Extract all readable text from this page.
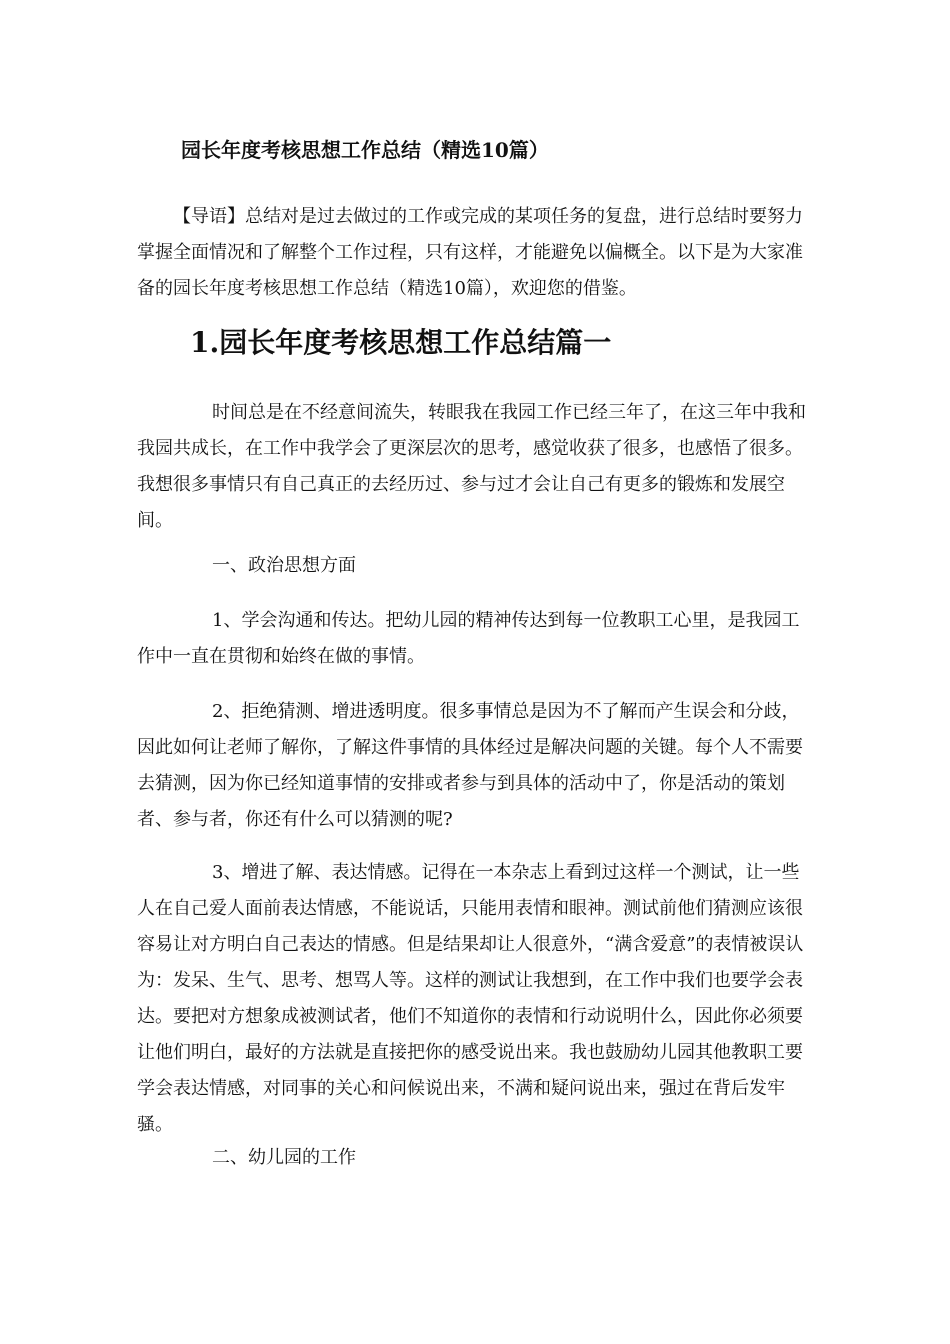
园长年度考核思想工作总结（精选10篇）

【导语】总结对是过去做过的工作或完成的某项任务的复盘，进行总结时要努力掌握全面情况和了解整个工作过程，只有这样，才能避免以偏概全。以下是为大家准备的园长年度考核思想工作总结（精选10篇），欢迎您的借鉴。

1.园长年度考核思想工作总结篇一

时间总是在不经意间流失，转眼我在我园工作已经三年了，在这三年中我和我园共成长，在工作中我学会了更深层次的思考，感觉收获了很多，也感悟了很多。我想很多事情只有自己真正的去经历过、参与过才会让自己有更多的锻炼和发展空间。

一、政治思想方面

1、学会沟通和传达。把幼儿园的精神传达到每一位教职工心里，是我园工作中一直在贯彻和始终在做的事情。

2、拒绝猜测、增进透明度。很多事情总是因为不了解而产生误会和分歧，因此如何让老师了解你，了解这件事情的具体经过是解决问题的关键。每个人不需要去猜测，因为你已经知道事情的安排或者参与到具体的活动中了，你是活动的策划者、参与者，你还有什么可以猜测的呢?

3、增进了解、表达情感。记得在一本杂志上看到过这样一个测试，让一些人在自己爱人面前表达情感，不能说话，只能用表情和眼神。测试前他们猜测应该很容易让对方明白自己表达的情感。但是结果却让人很意外，“满含爱意”的表情被误认为：发呆、生气、思考、想骂人等。这样的测试让我想到，在工作中我们也要学会表达。要把对方想象成被测试者，他们不知道你的表情和行动说明什么，因此你必须要让他们明白，最好的方法就是直接把你的感受说出来。我也鼓励幼儿园其他教职工要学会表达情感，对同事的关心和问候说出来，不满和疑问说出来，强过在背后发牢骚。

二、幼儿园的工作
